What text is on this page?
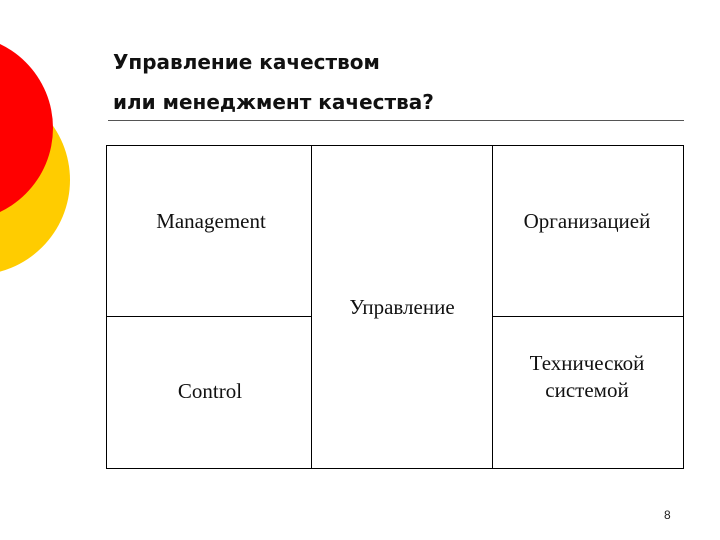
Управление качеством
или менеджмент качества?
Management	Организацией
Управление
Control
Технической
системой
8
